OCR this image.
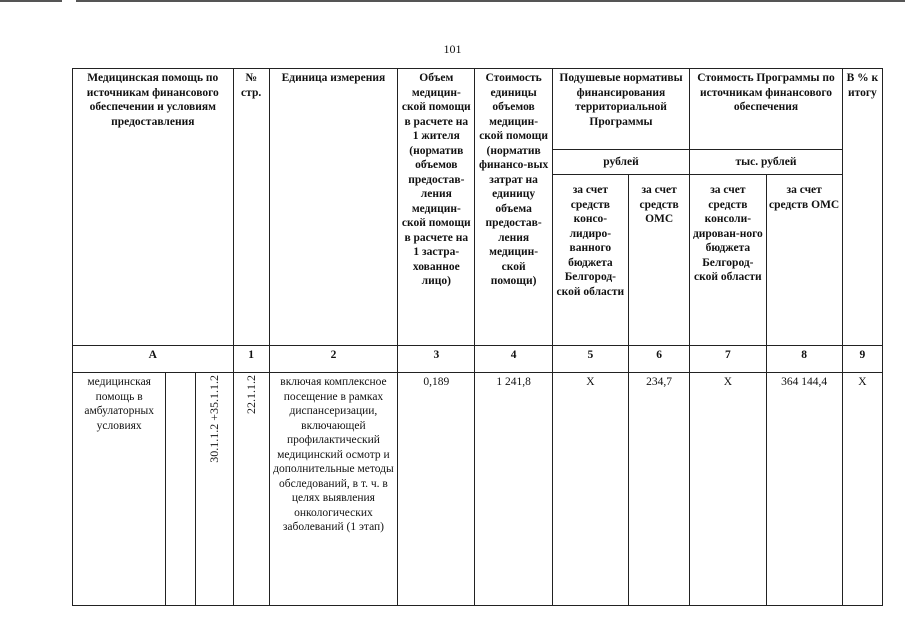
101
Медицинская помощь по источникам финансового обеспечении и условиям предоставления			№ стр.	Единица измерения	Объем медицин-ской помощи в расчете на 1 жителя (норматив объемов предостав-ления медицин-ской помощи в расчете на 1 застра-хованное лицо)	Стоимость единицы объемов медицин-ской помощи (норматив финансо-вых затрат на единицу объема предостав-ления медицин-ской помощи)	Подушевые нормативы финансирования территориальной Программы		Стоимость Программы по источникам финансового обеспечения		В % к итогу
							рублей		тыс. рублей		
							за счет средств консо-лидиро-ванного бюджета Белгород-ской области	за счет средств ОМС	за счет средств консоли-дирован-ного бюджета Белгород-ской области	за счет средств ОМС	
А			1	2	3	4	5	6	7	8	9
медицинская помощь в амбулаторных условиях		30.1.1.2 +35.1.1.2	22.1.1.2	включая комплексное посещение в рамках диспансеризации, включающей профилактический медицинский осмотр и дополнительные методы обследований, в т. ч. в целях выявления онкологических заболеваний (1 этап)	0,189	1 241,8	Х	234,7	Х	364 144,4	Х
